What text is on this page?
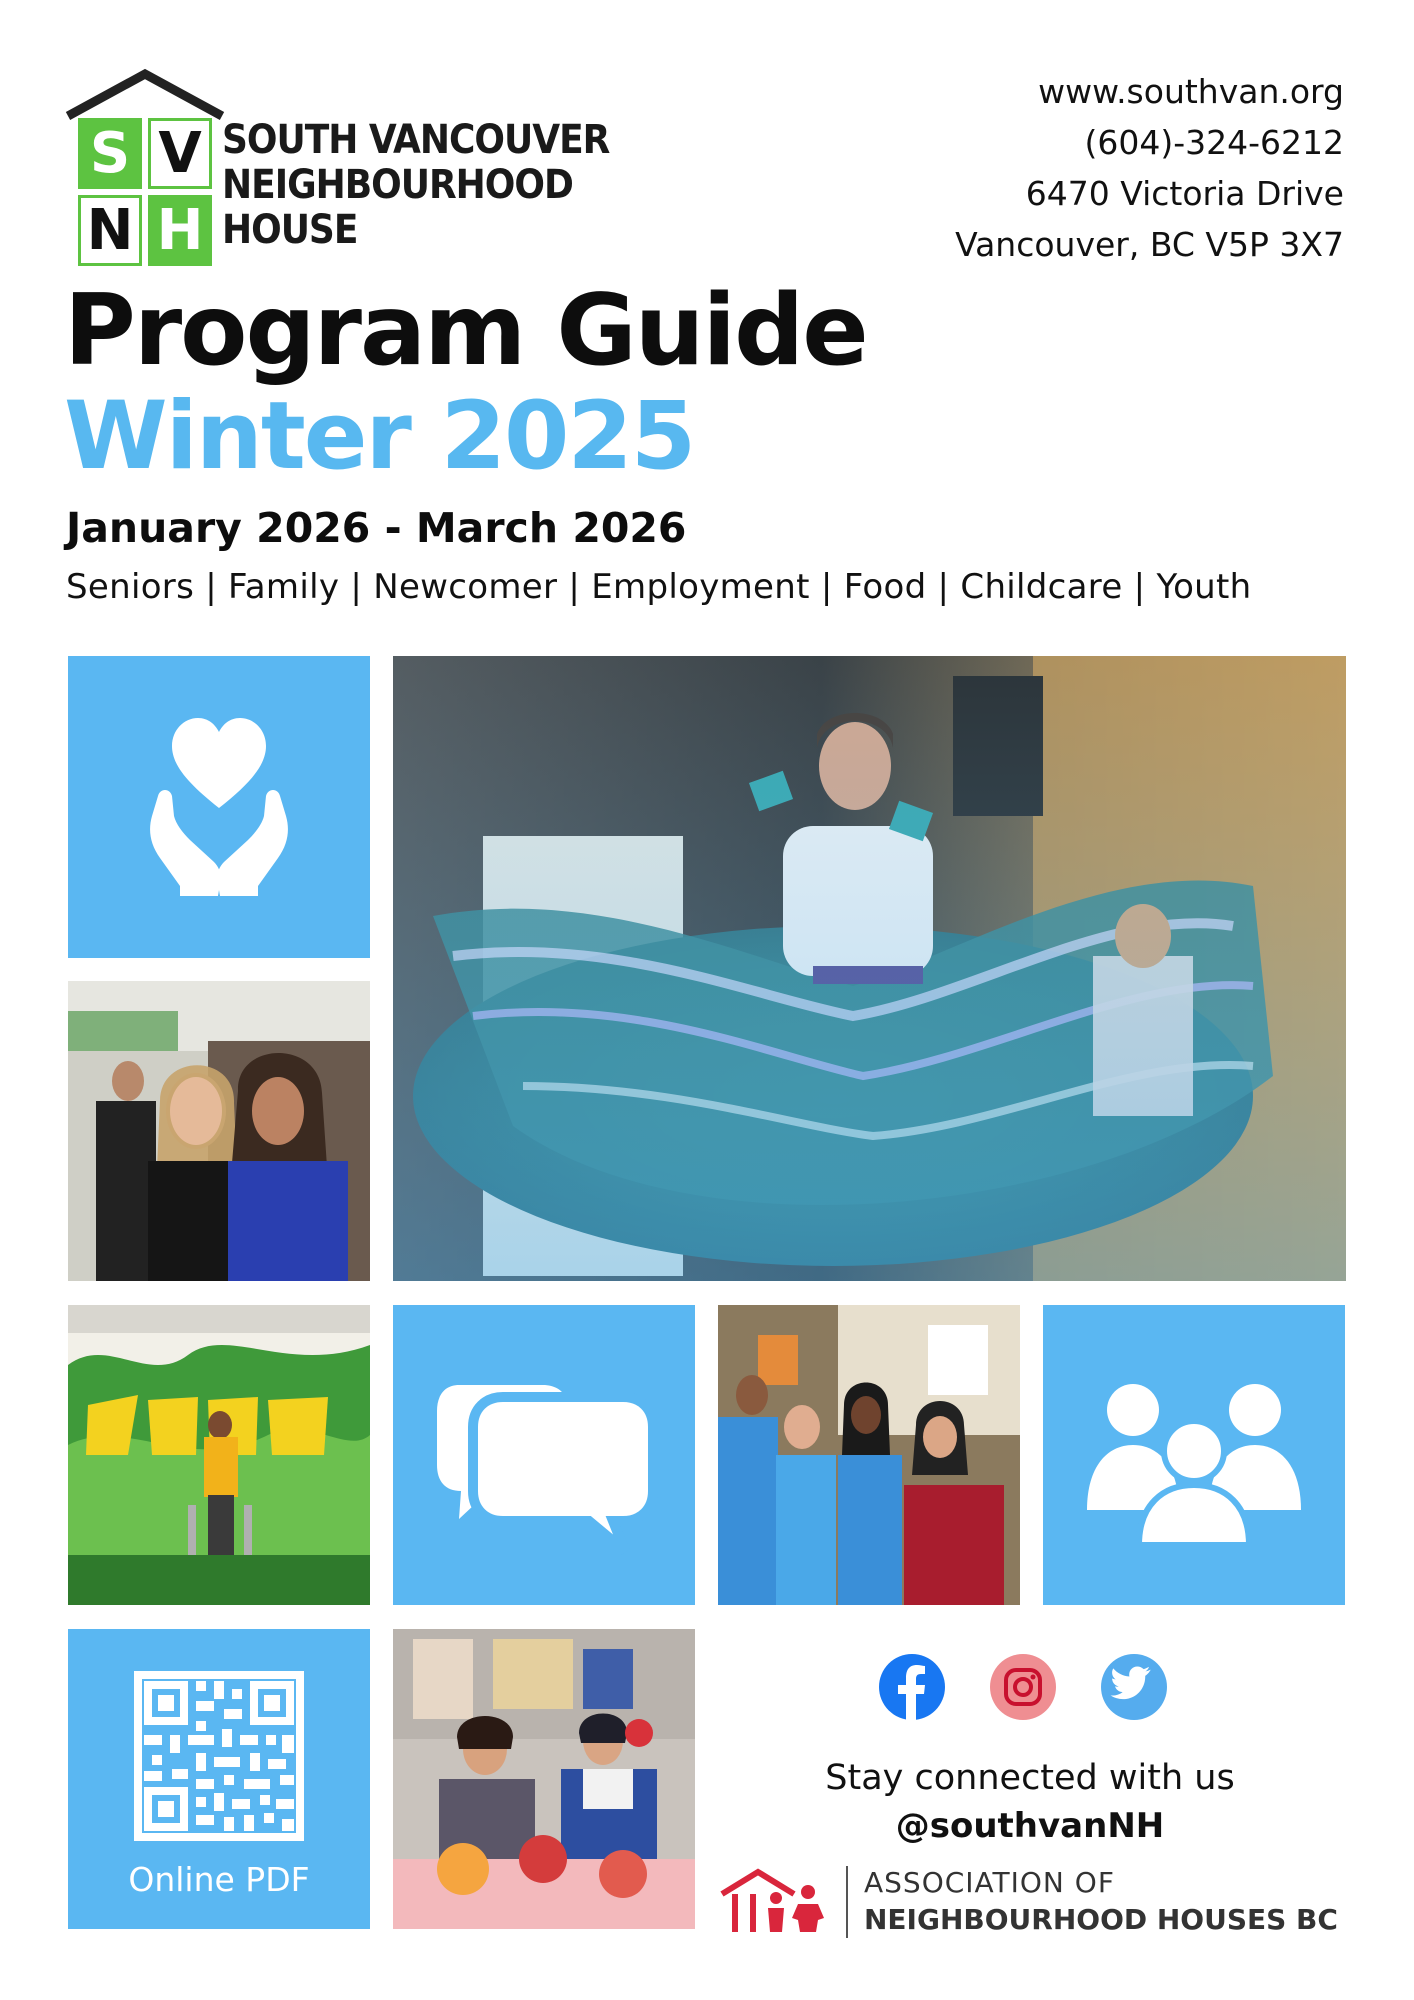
S V
N H
SOUTH VANCOUVER
NEIGHBOURHOOD
HOUSE
www.southvan.org
(604)-324-6212
6470 Victoria Drive
Vancouver, BC V5P 3X7
Program Guide
Winter 2025
January 2026 - March 2026
Seniors | Family | Newcomer | Employment | Food | Childcare | Youth
Online PDF
Stay connected with us
@southvanNH
ASSOCIATION OF
NEIGHBOURHOOD HOUSES BC
